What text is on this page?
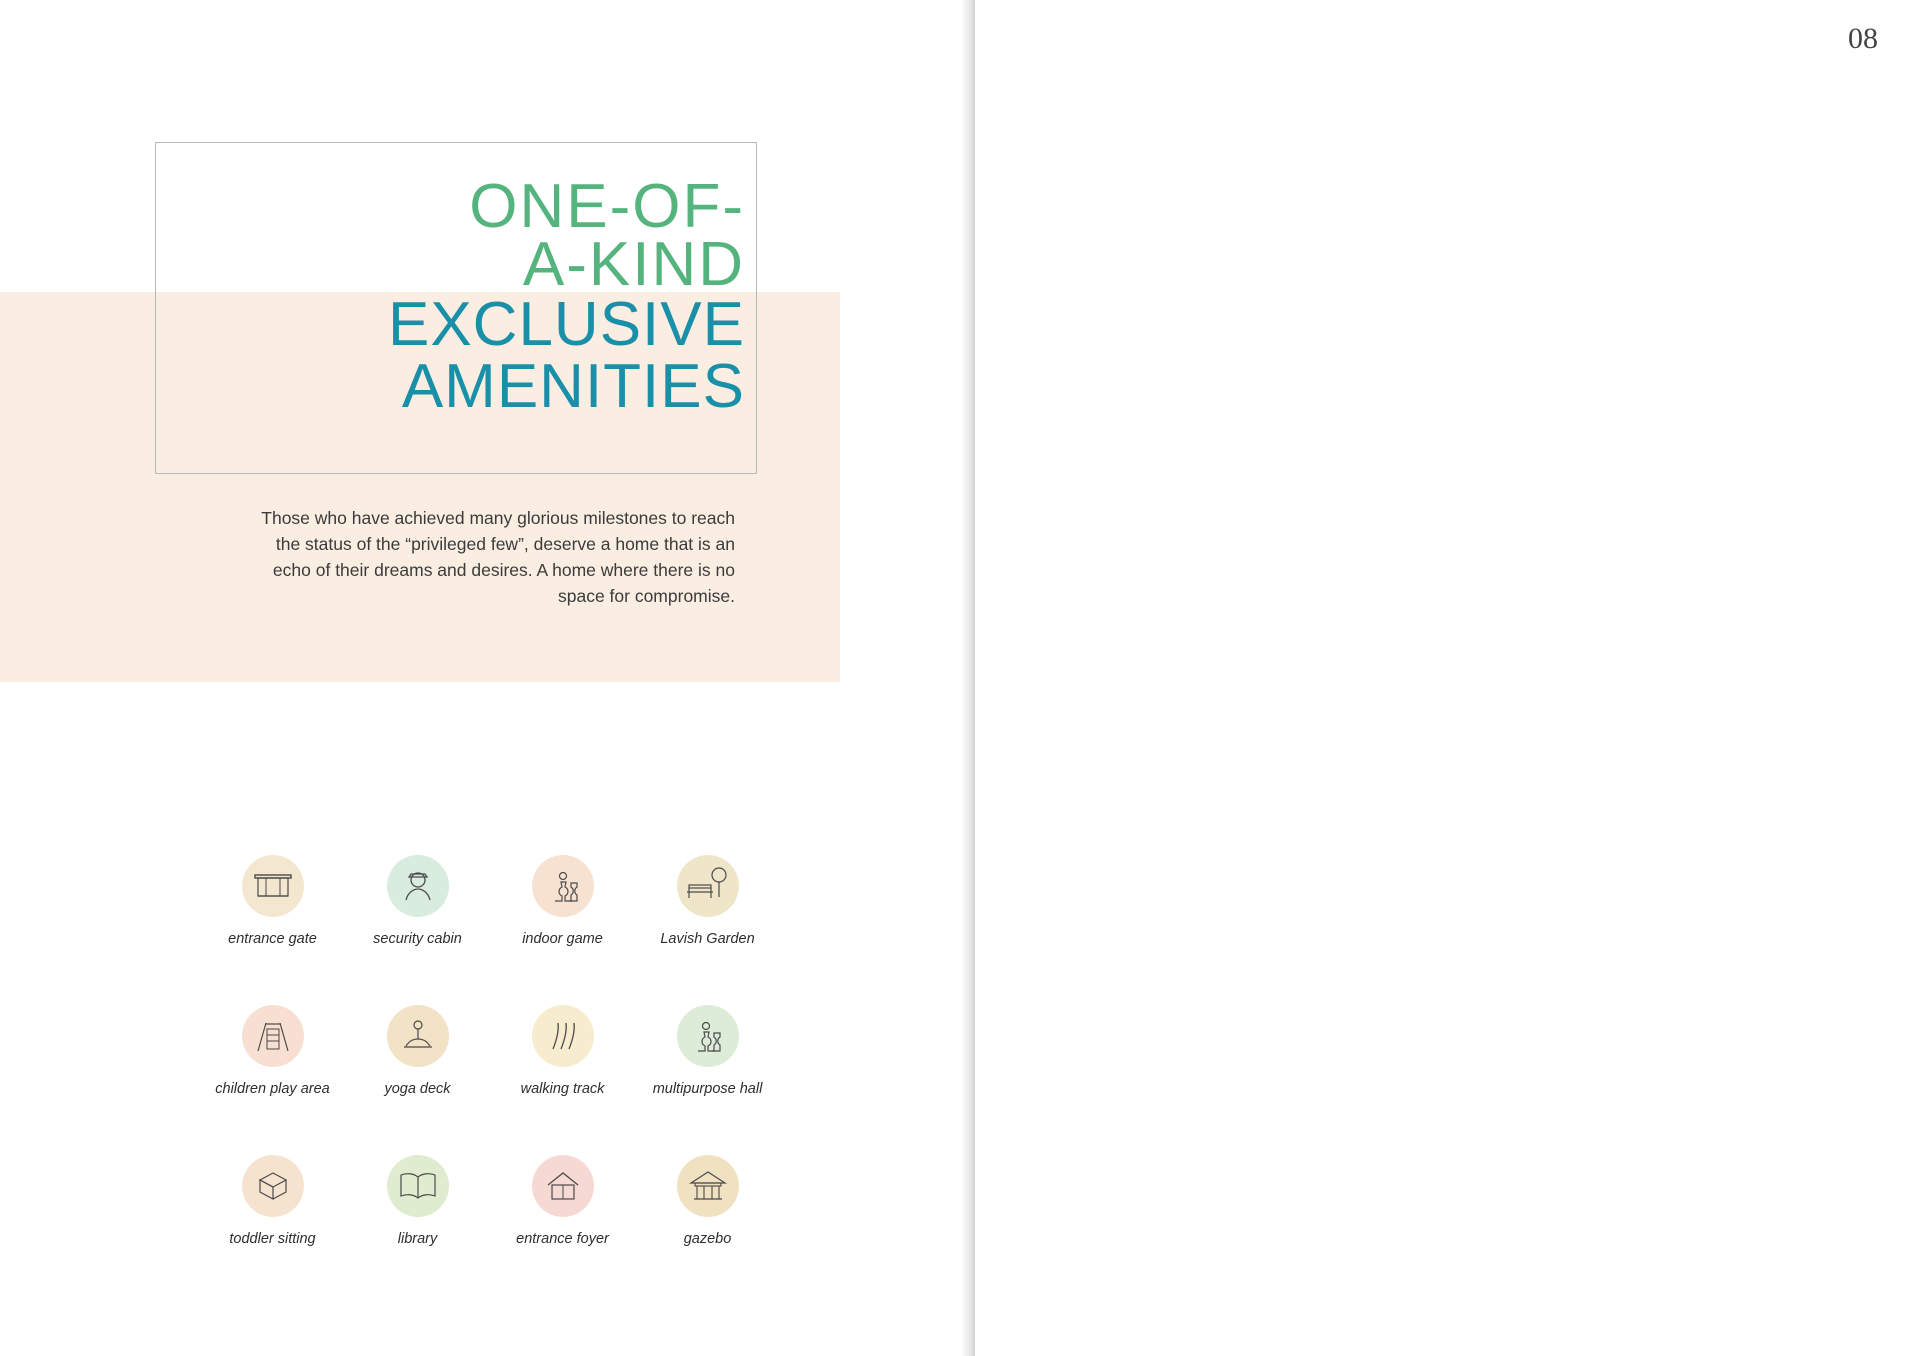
ONE-OF-
A-KIND
EXCLUSIVE
AMENITIES
Those who have achieved many glorious milestones to reach the status of the “privileged few”, deserve a home that is an echo of their dreams and desires. A home where there is no space for compromise.
entrance gate	security cabin	indoor game	Lavish Garden
children play area	yoga deck	walking track	multipurpose hall
toddler sitting	library	entrance foyer	gazebo
08
